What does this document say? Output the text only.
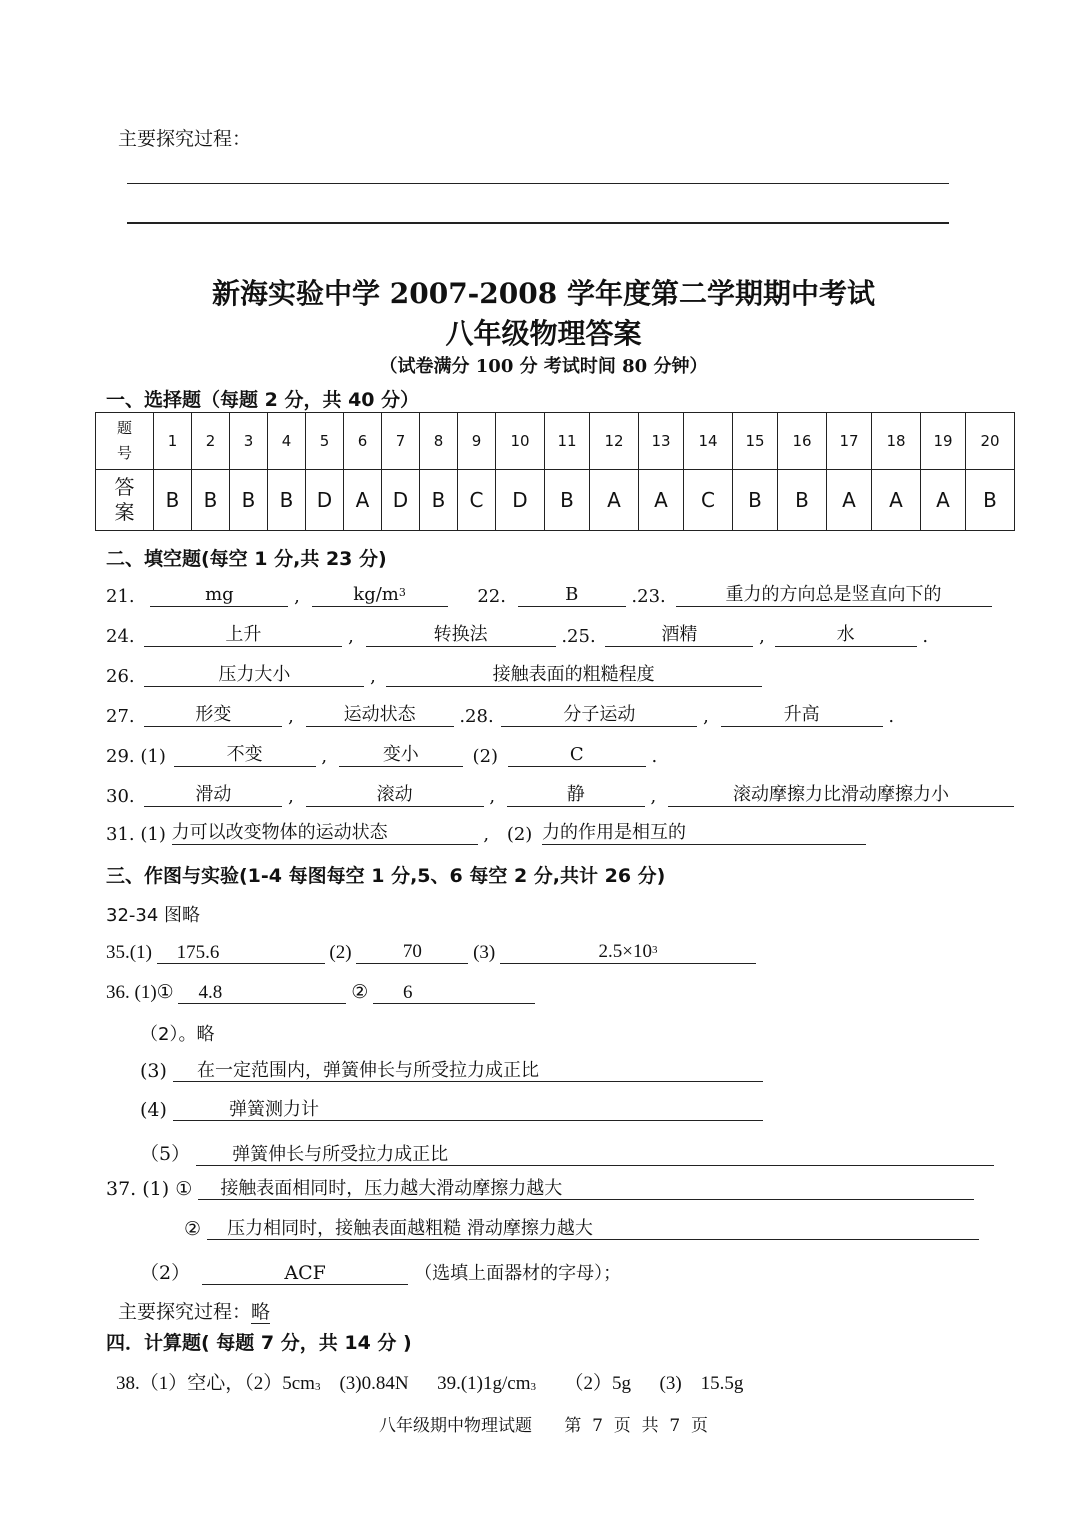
主要探究过程：
新海实验中学 2007-2008 学年度第二学期期中考试
八年级物理答案
（试卷满分 100 分 考试时间 80 分钟）
一、选择题（每题 2 分，共 40 分）
题
号	1	2	3	4	5	6	7	8	9	10	11	12	13	14	15	16	17	18	19	20
答
案	B	B	B	B	D	A	D	B	C	D	B	A	A	C	B	B	A	A	A	B
二、填空题(每空 1 分,共 23 分)
21.	mg	,	kg/m3	22.	B	.23.	重力的方向总是竖直向下的
24.	上升	,	转换法	.25.	酒精	,	水	.
26.	压力大小	,	接触表面的粗糙程度
27.	形变	,	运动状态 .28.	分子运动	,	升高	.
29. (1)	不变	,	变小	(2)	C	.
30.	滑动	,	滚动	,	静	,	滚动摩擦力比滑动摩擦力小
31. (1) 力可以改变物体的运动状态	, (2) 力的作用是相互的
三、作图与实验(1-4 每图每空 1 分,5、6 每空 2 分,共计 26 分)
32-34 图略
35.(1) 175.6	(2)	70	(3)	2.5×103
36. (1)① 4.8	② 6
（2）。略
(3) 在一定范围内，弹簧伸长与所受拉力成正比
(4)	弹簧测力计
（5） 弹簧伸长与所受拉力成正比
37. (1) ① 接触表面相同时，压力越大滑动摩擦力越大
② 压力相同时，接触表面越粗糙 滑动摩擦力越大
（2）	ACF	（选填上面器材的字母）；
主要探究过程：略
四．计算题( 每题 7 分，共 14 分 )
38.（1）空心，（2）5cm3    (3)0.84N      39.(1)1g/cm3      （2）5g      (3)    15.5g
八年级期中物理试题      第  7  页  共  7  页
